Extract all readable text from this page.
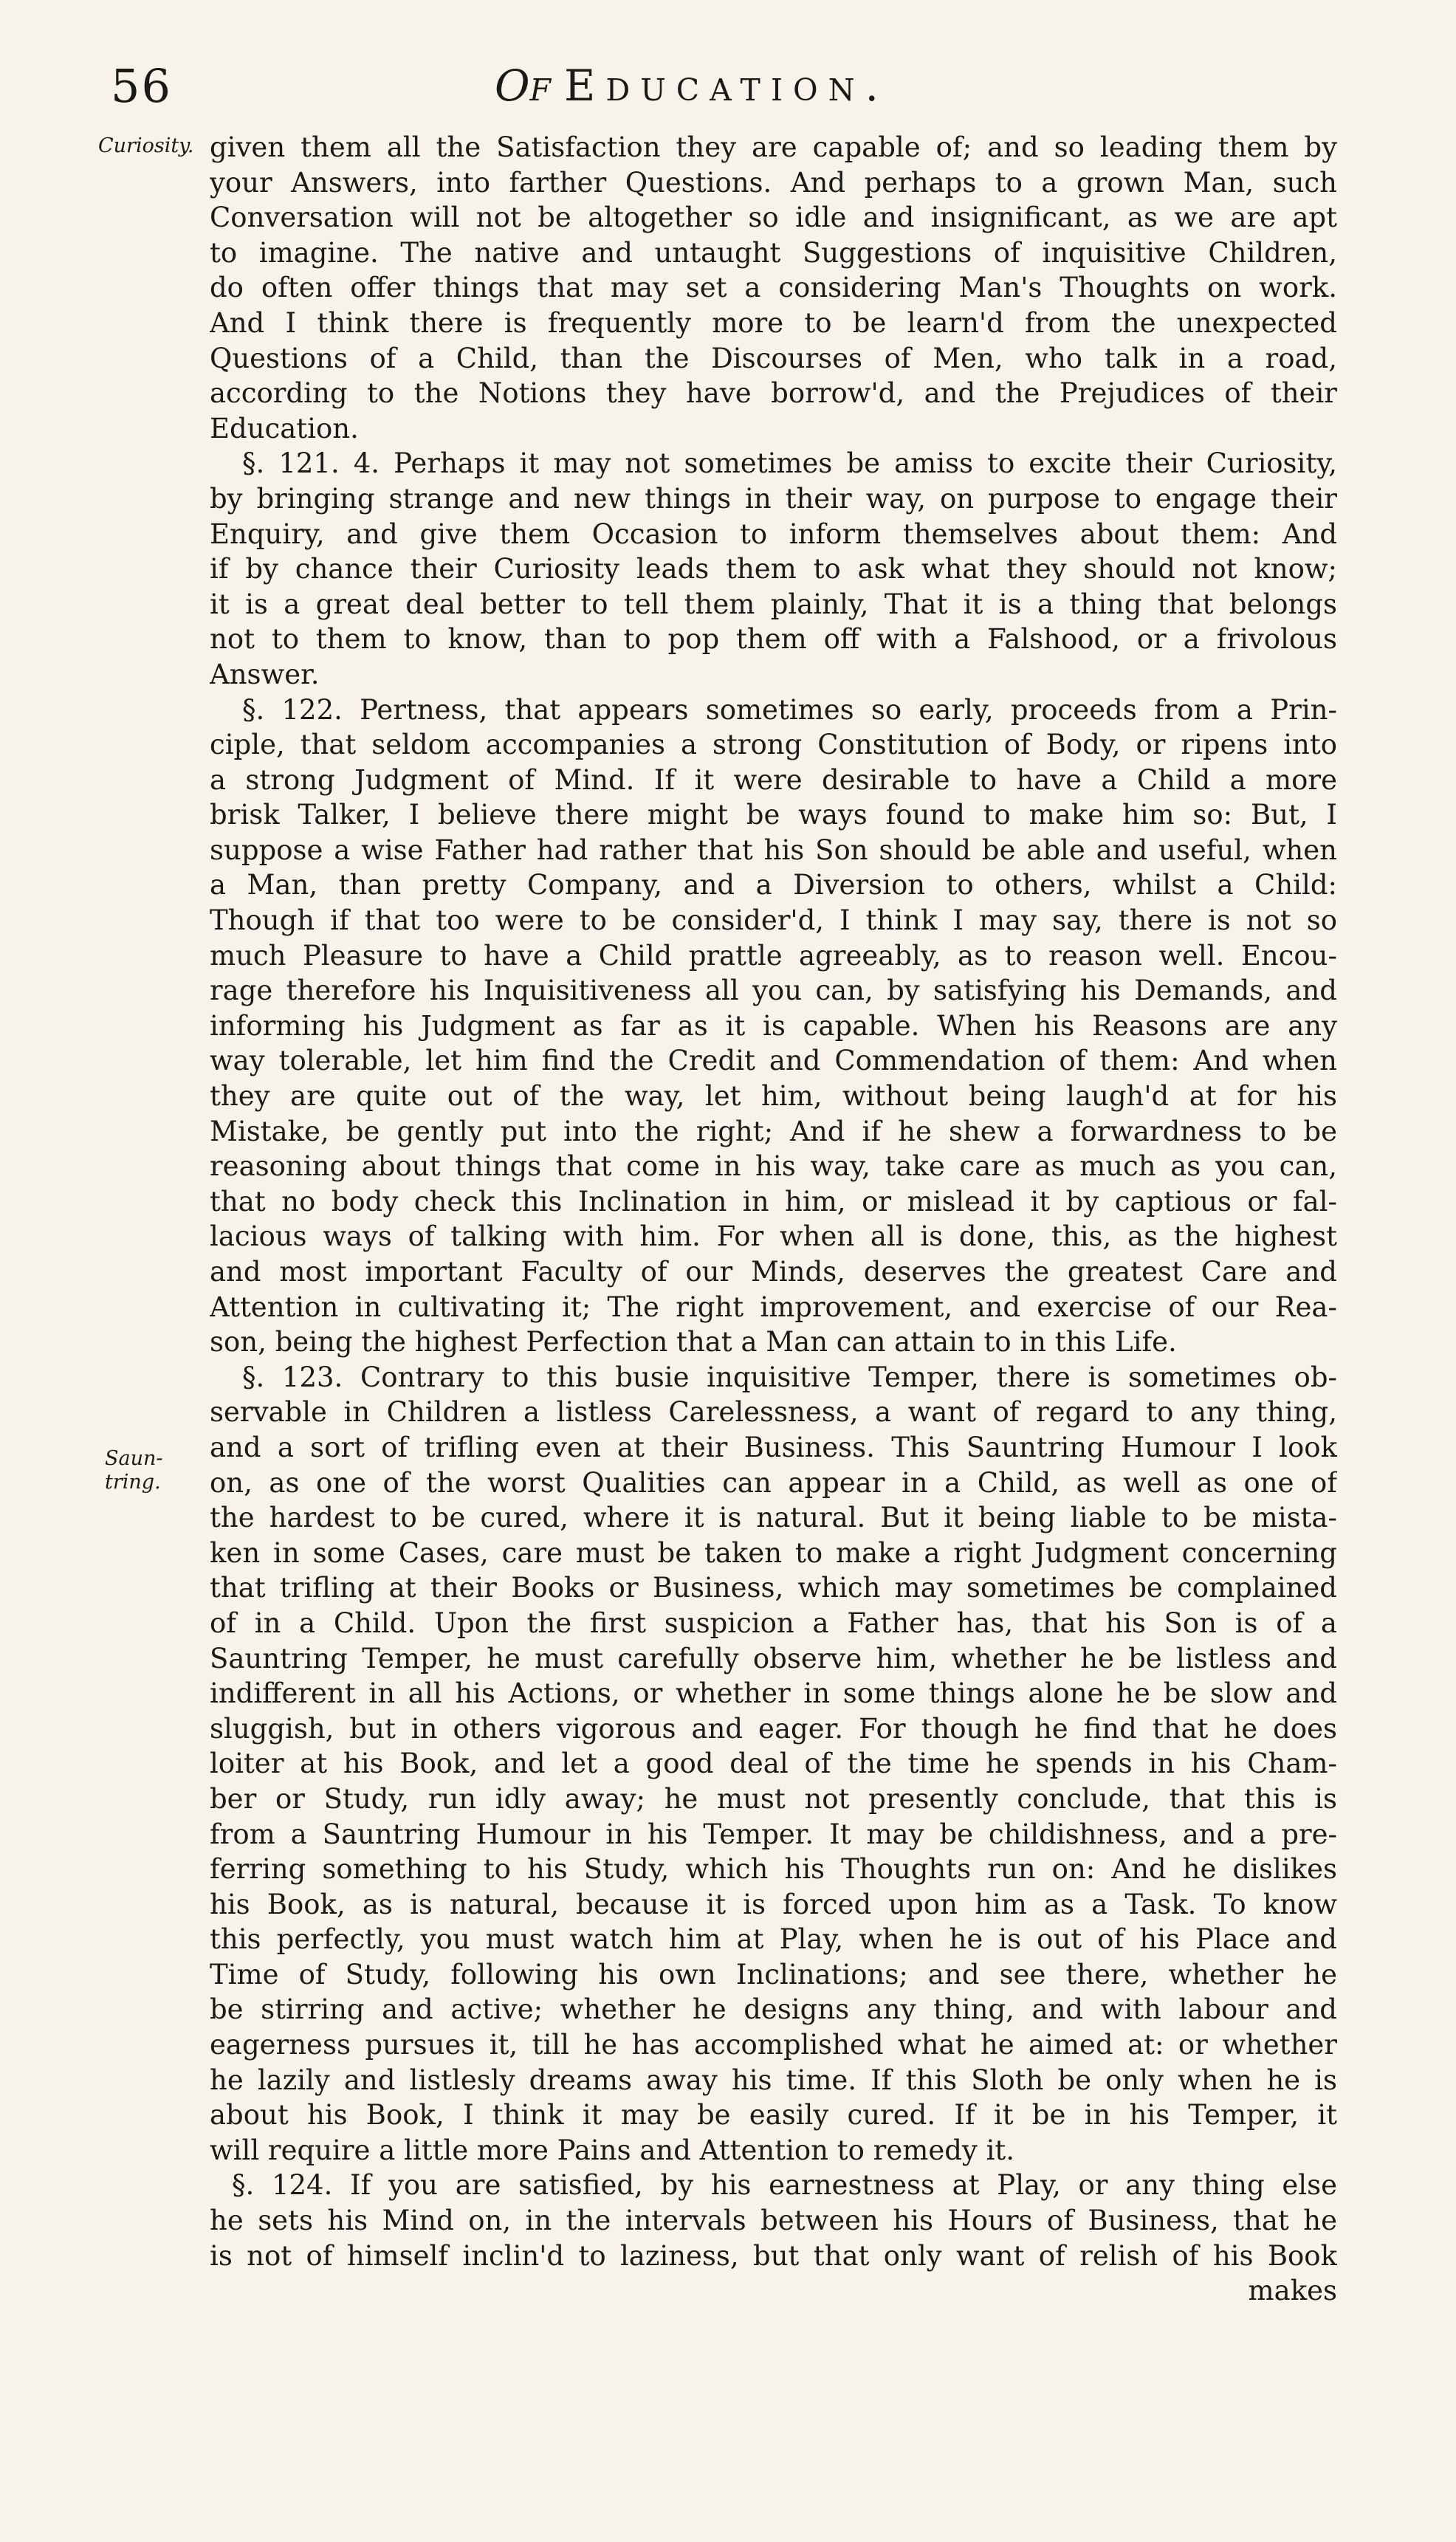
56	Of Education.
Curiosity.
Saun-
tring.
given them all the Satisfaction they are capable of; and so leading them by
your Answers, into farther Questions. And perhaps to a grown Man, such
Conversation will not be altogether so idle and insignificant, as we are apt
to imagine. The native and untaught Suggestions of inquisitive Children,
do often offer things that may set a considering Man's Thoughts on work.
And I think there is frequently more to be learn'd from the unexpected
Questions of a Child, than the Discourses of Men, who talk in a road,
according to the Notions they have borrow'd, and the Prejudices of their
Education.
§. 121. 4. Perhaps it may not sometimes be amiss to excite their Curiosity,
by bringing strange and new things in their way, on purpose to engage their
Enquiry, and give them Occasion to inform themselves about them: And
if by chance their Curiosity leads them to ask what they should not know;
it is a great deal better to tell them plainly, That it is a thing that belongs
not to them to know, than to pop them off with a Falshood, or a frivolous
Answer.
§. 122. Pertness, that appears sometimes so early, proceeds from a Prin-
ciple, that seldom accompanies a strong Constitution of Body, or ripens into
a strong Judgment of Mind. If it were desirable to have a Child a more
brisk Talker, I believe there might be ways found to make him so: But, I
suppose a wise Father had rather that his Son should be able and useful, when
a Man, than pretty Company, and a Diversion to others, whilst a Child:
Though if that too were to be consider'd, I think I may say, there is not so
much Pleasure to have a Child prattle agreeably, as to reason well. Encou-
rage therefore his Inquisitiveness all you can, by satisfying his Demands, and
informing his Judgment as far as it is capable. When his Reasons are any
way tolerable, let him find the Credit and Commendation of them: And when
they are quite out of the way, let him, without being laugh'd at for his
Mistake, be gently put into the right; And if he shew a forwardness to be
reasoning about things that come in his way, take care as much as you can,
that no body check this Inclination in him, or mislead it by captious or fal-
lacious ways of talking with him. For when all is done, this, as the highest
and most important Faculty of our Minds, deserves the greatest Care and
Attention in cultivating it; The right improvement, and exercise of our Rea-
son, being the highest Perfection that a Man can attain to in this Life.
§. 123. Contrary to this busie inquisitive Temper, there is sometimes ob-
servable in Children a listless Carelessness, a want of regard to any thing,
and a sort of trifling even at their Business. This Sauntring Humour I look
on, as one of the worst Qualities can appear in a Child, as well as one of
the hardest to be cured, where it is natural. But it being liable to be mista-
ken in some Cases, care must be taken to make a right Judgment concerning
that trifling at their Books or Business, which may sometimes be complained
of in a Child. Upon the first suspicion a Father has, that his Son is of a
Sauntring Temper, he must carefully observe him, whether he be listless and
indifferent in all his Actions, or whether in some things alone he be slow and
sluggish, but in others vigorous and eager. For though he find that he does
loiter at his Book, and let a good deal of the time he spends in his Cham-
ber or Study, run idly away; he must not presently conclude, that this is
from a Sauntring Humour in his Temper. It may be childishness, and a pre-
ferring something to his Study, which his Thoughts run on: And he dislikes
his Book, as is natural, because it is forced upon him as a Task. To know
this perfectly, you must watch him at Play, when he is out of his Place and
Time of Study, following his own Inclinations; and see there, whether he
be stirring and active; whether he designs any thing, and with labour and
eagerness pursues it, till he has accomplished what he aimed at: or whether
he lazily and listlesly dreams away his time. If this Sloth be only when he is
about his Book, I think it may be easily cured. If it be in his Temper, it
will require a little more Pains and Attention to remedy it.
§. 124. If you are satisfied, by his earnestness at Play, or any thing else
he sets his Mind on, in the intervals between his Hours of Business, that he
is not of himself inclin'd to laziness, but that only want of relish of his Book
makes
